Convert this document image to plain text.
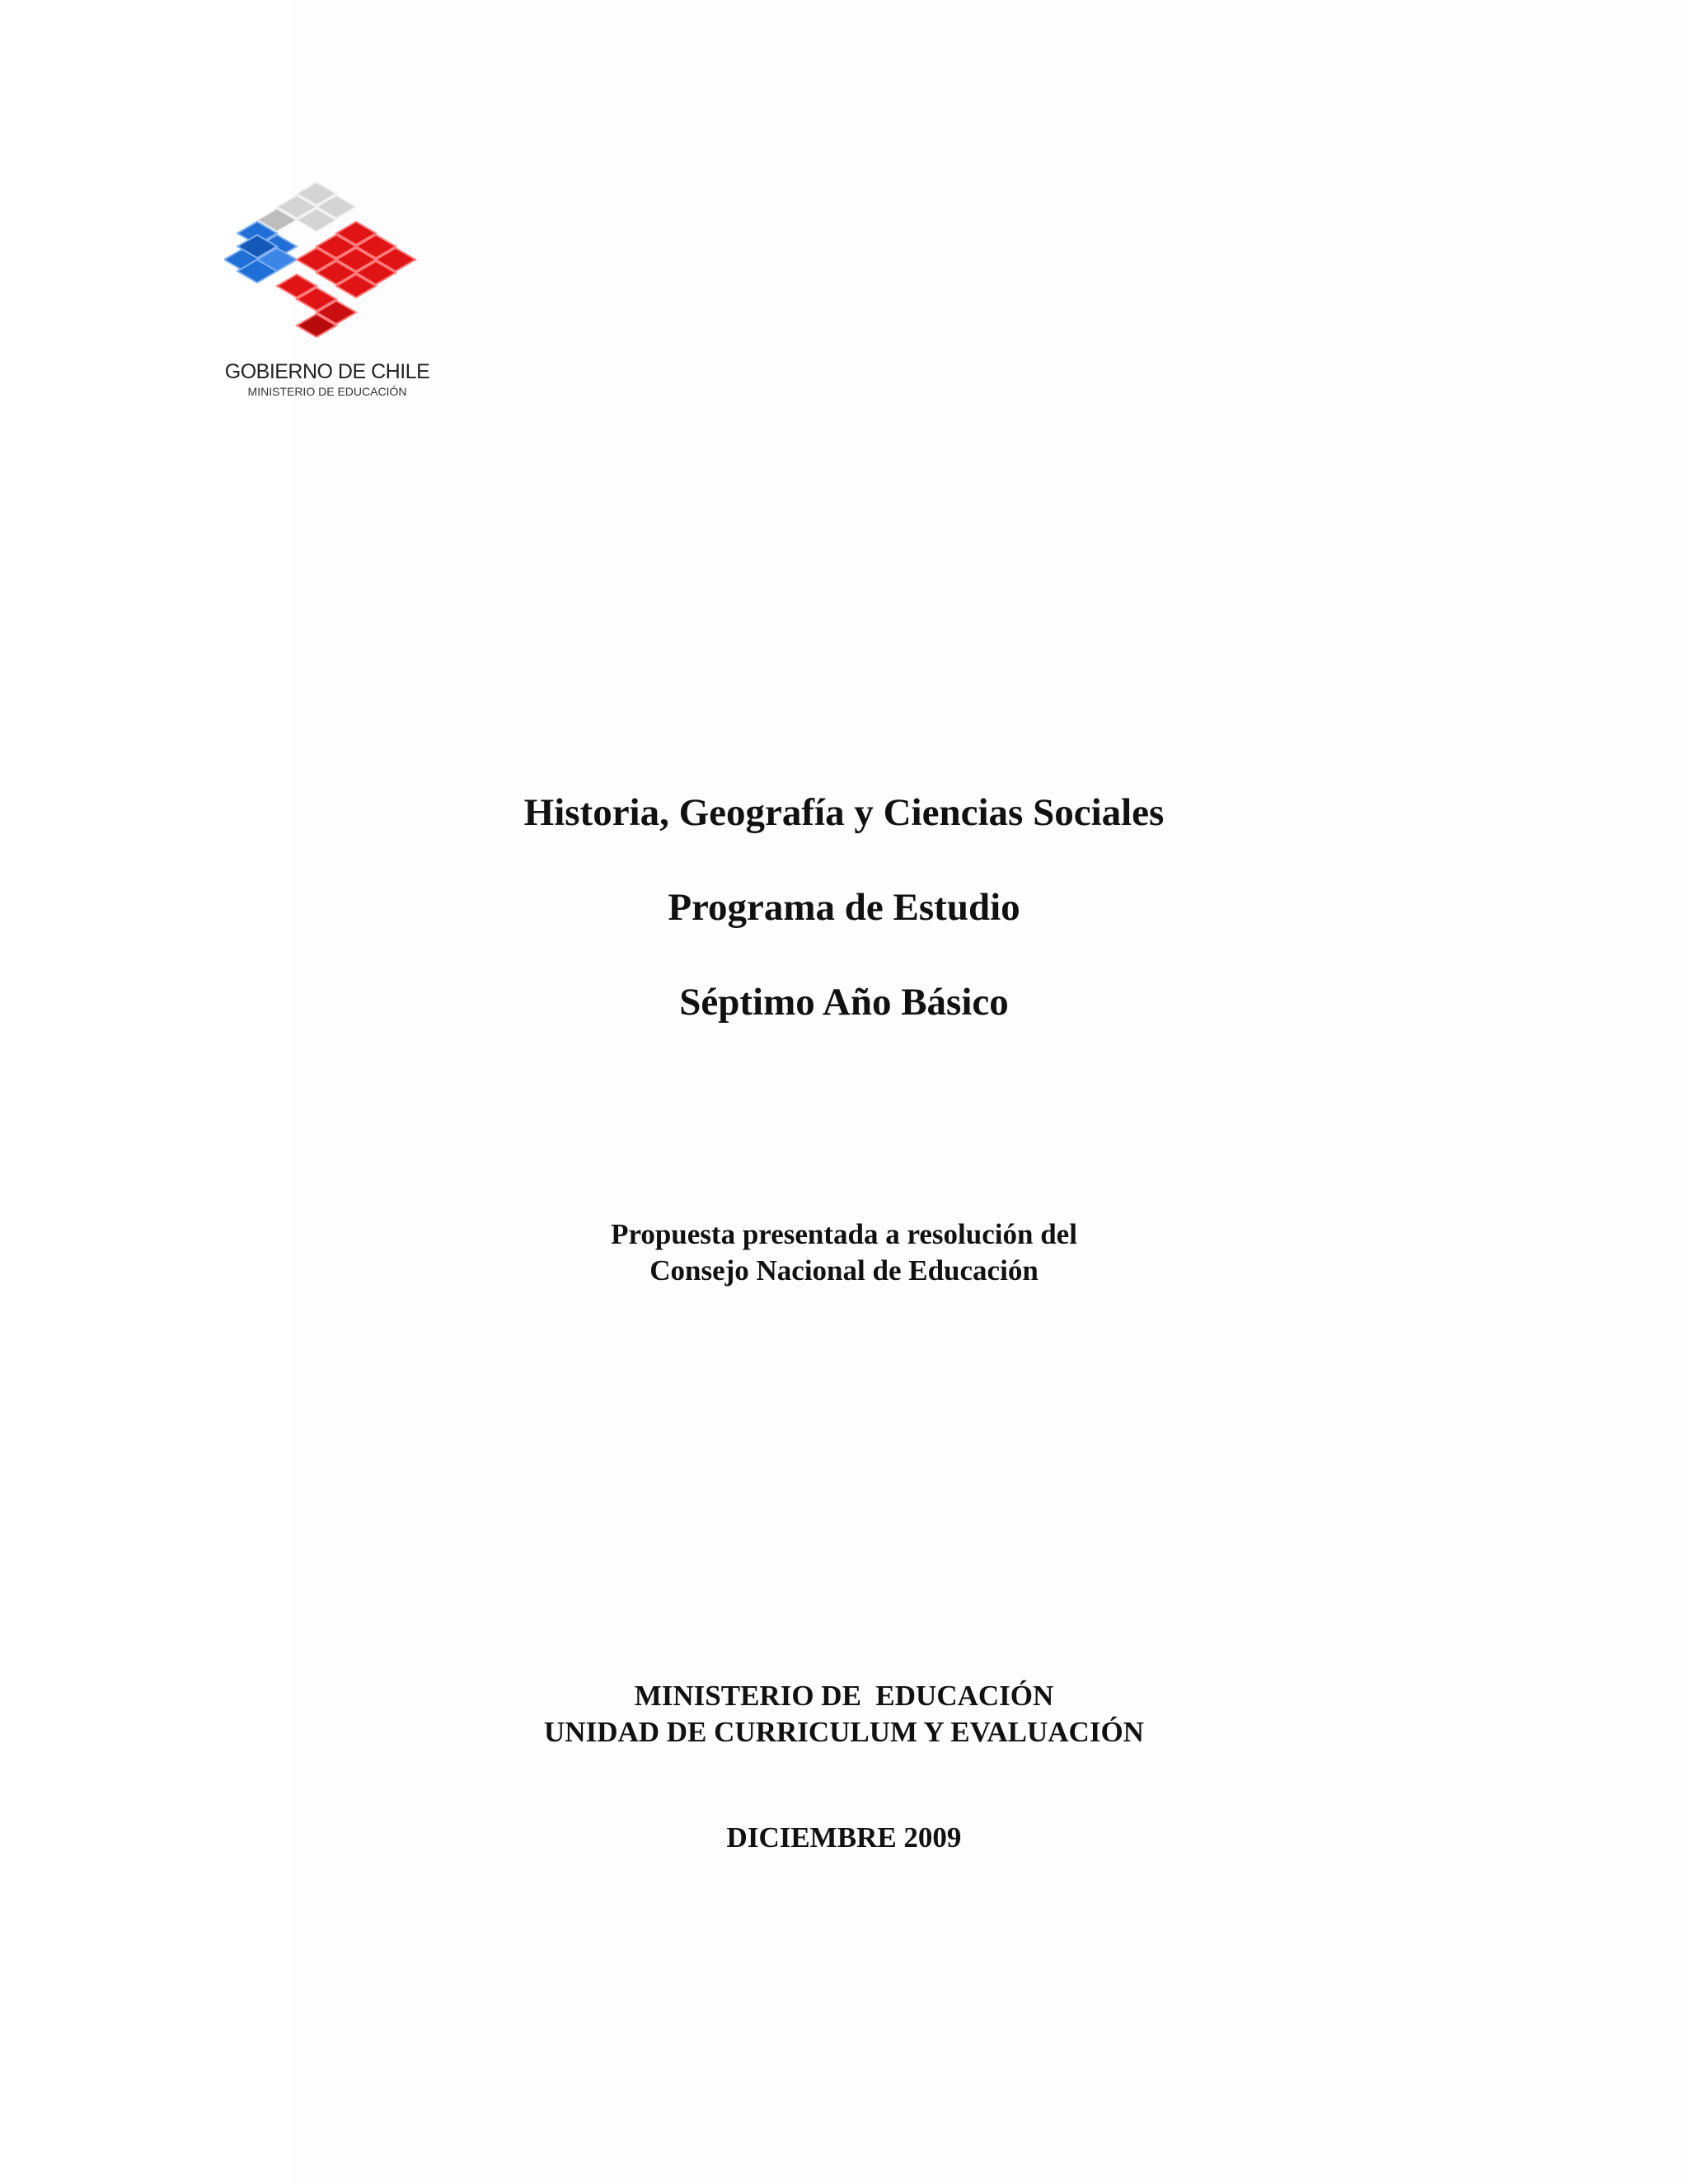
GOBIERNO DE CHILE
MINISTERIO DE EDUCACIÓN
Historia, Geografía y Ciencias Sociales
Programa de Estudio
Séptimo Año Básico
Propuesta presentada a resolución del
Consejo Nacional de Educación
MINISTERIO DE  EDUCACIÓN
UNIDAD DE CURRICULUM Y EVALUACIÓN
DICIEMBRE 2009
